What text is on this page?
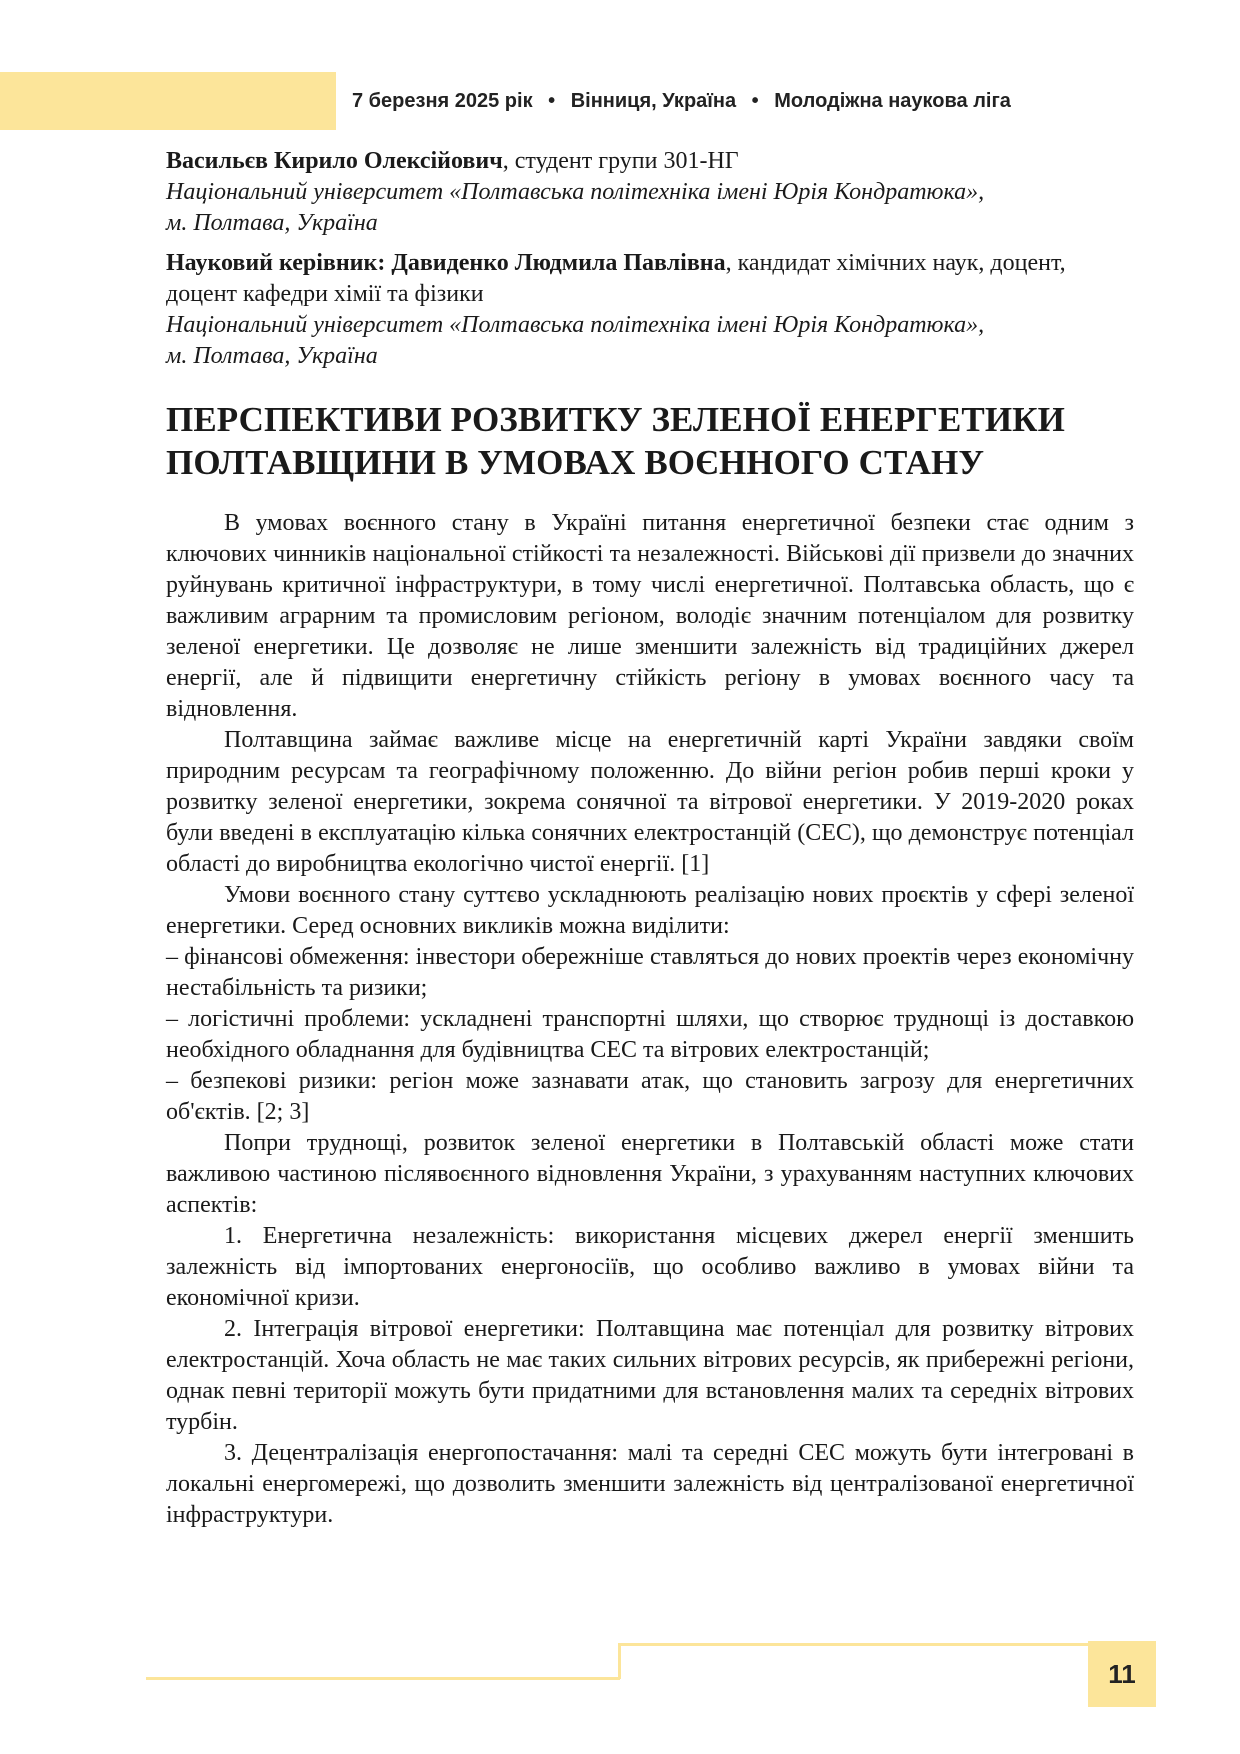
7 березня 2025 рік • Вінниця, Україна • Молодіжна наукова ліга

Васильєв Кирило Олексійович, студент групи 301-НГ

Національний університет «Полтавська політехніка імені Юрія Кондратюка»,

м. Полтава, Україна

Науковий керівник: Давиденко Людмила Павлівна, кандидат хімічних наук, доцент, доцент кафедри хімії та фізики

Національний університет «Полтавська політехніка імені Юрія Кондратюка»,

м. Полтава, Україна

ПЕРСПЕКТИВИ РОЗВИТКУ ЗЕЛЕНОЇ ЕНЕРГЕТИКИ ПОЛТАВЩИНИ В УМОВАХ ВОЄННОГО СТАНУ

В умовах воєнного стану в Україні питання енергетичної безпеки стає одним з ключових чинників національної стійкості та незалежності. Військові дії призвели до значних руйнувань критичної інфраструктури, в тому числі енергетичної. Полтавська область, що є важливим аграрним та промисловим регіоном, володіє значним потенціалом для розвитку зеленої енергетики. Це дозволяє не лише зменшити залежність від традиційних джерел енергії, але й підвищити енергетичну стійкість регіону в умовах воєнного часу та відновлення.

Полтавщина займає важливе місце на енергетичній карті України завдяки своїм природним ресурсам та географічному положенню. До війни регіон робив перші кроки у розвитку зеленої енергетики, зокрема сонячної та вітрової енергетики. У 2019-2020 роках були введені в експлуатацію кілька сонячних електростанцій (СЕС), що демонструє потенціал області до виробництва екологічно чистої енергії. [1]

Умови воєнного стану суттєво ускладнюють реалізацію нових проєктів у сфері зеленої енергетики. Серед основних викликів можна виділити:

– фінансові обмеження: інвестори обережніше ставляться до нових проектів через економічну нестабільність та ризики;

– логістичні проблеми: ускладнені транспортні шляхи, що створює труднощі із доставкою необхідного обладнання для будівництва СЕС та вітрових електростанцій;

– безпекові ризики: регіон може зазнавати атак, що становить загрозу для енергетичних об'єктів. [2; 3]

Попри труднощі, розвиток зеленої енергетики в Полтавській області може стати важливою частиною післявоєнного відновлення України, з урахуванням наступних ключових аспектів:

1. Енергетична незалежність: використання місцевих джерел енергії зменшить залежність від імпортованих енергоносіїв, що особливо важливо в умовах війни та економічної кризи.

2. Інтеграція вітрової енергетики: Полтавщина має потенціал для розвитку вітрових електростанцій. Хоча область не має таких сильних вітрових ресурсів, як прибережні регіони, однак певні території можуть бути придатними для встановлення малих та середніх вітрових турбін.

3. Децентралізація енергопостачання: малі та середні СЕС можуть бути інтегровані в локальні енергомережі, що дозволить зменшити залежність від централізованої енергетичної інфраструктури.

11
